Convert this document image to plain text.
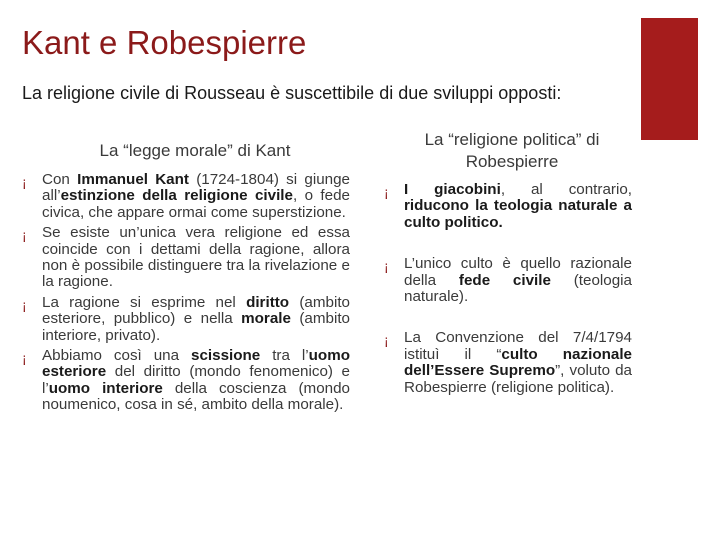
Kant e Robespierre
La religione civile di Rousseau è suscettibile di due sviluppi opposti:
La “legge morale” di Kant
La “religione politica” di Robespierre
¡ Con Immanuel Kant (1724-1804) si giunge all’estinzione della religione civile, o fede civica, che appare ormai come superstizione.
¡ Se esiste un’unica vera religione ed essa coincide con i dettami della ragione, allora non è possibile distinguere tra la rivelazione e la ragione.
¡ La ragione si esprime nel diritto (ambito esteriore, pubblico) e nella morale (ambito interiore, privato).
¡ Abbiamo così una scissione tra l’uomo esteriore del diritto (mondo fenomenico) e l’uomo interiore della coscienza (mondo noumenico, cosa in sé, ambito della morale).
¡ I giacobini, al contrario, riducono la teologia naturale a culto politico.
¡ L’unico culto è quello razionale della fede civile (teologia naturale).
¡ La Convenzione del 7/4/1794 istituì il “culto nazionale dell’Essere Supremo”, voluto da Robespierre (religione politica).
